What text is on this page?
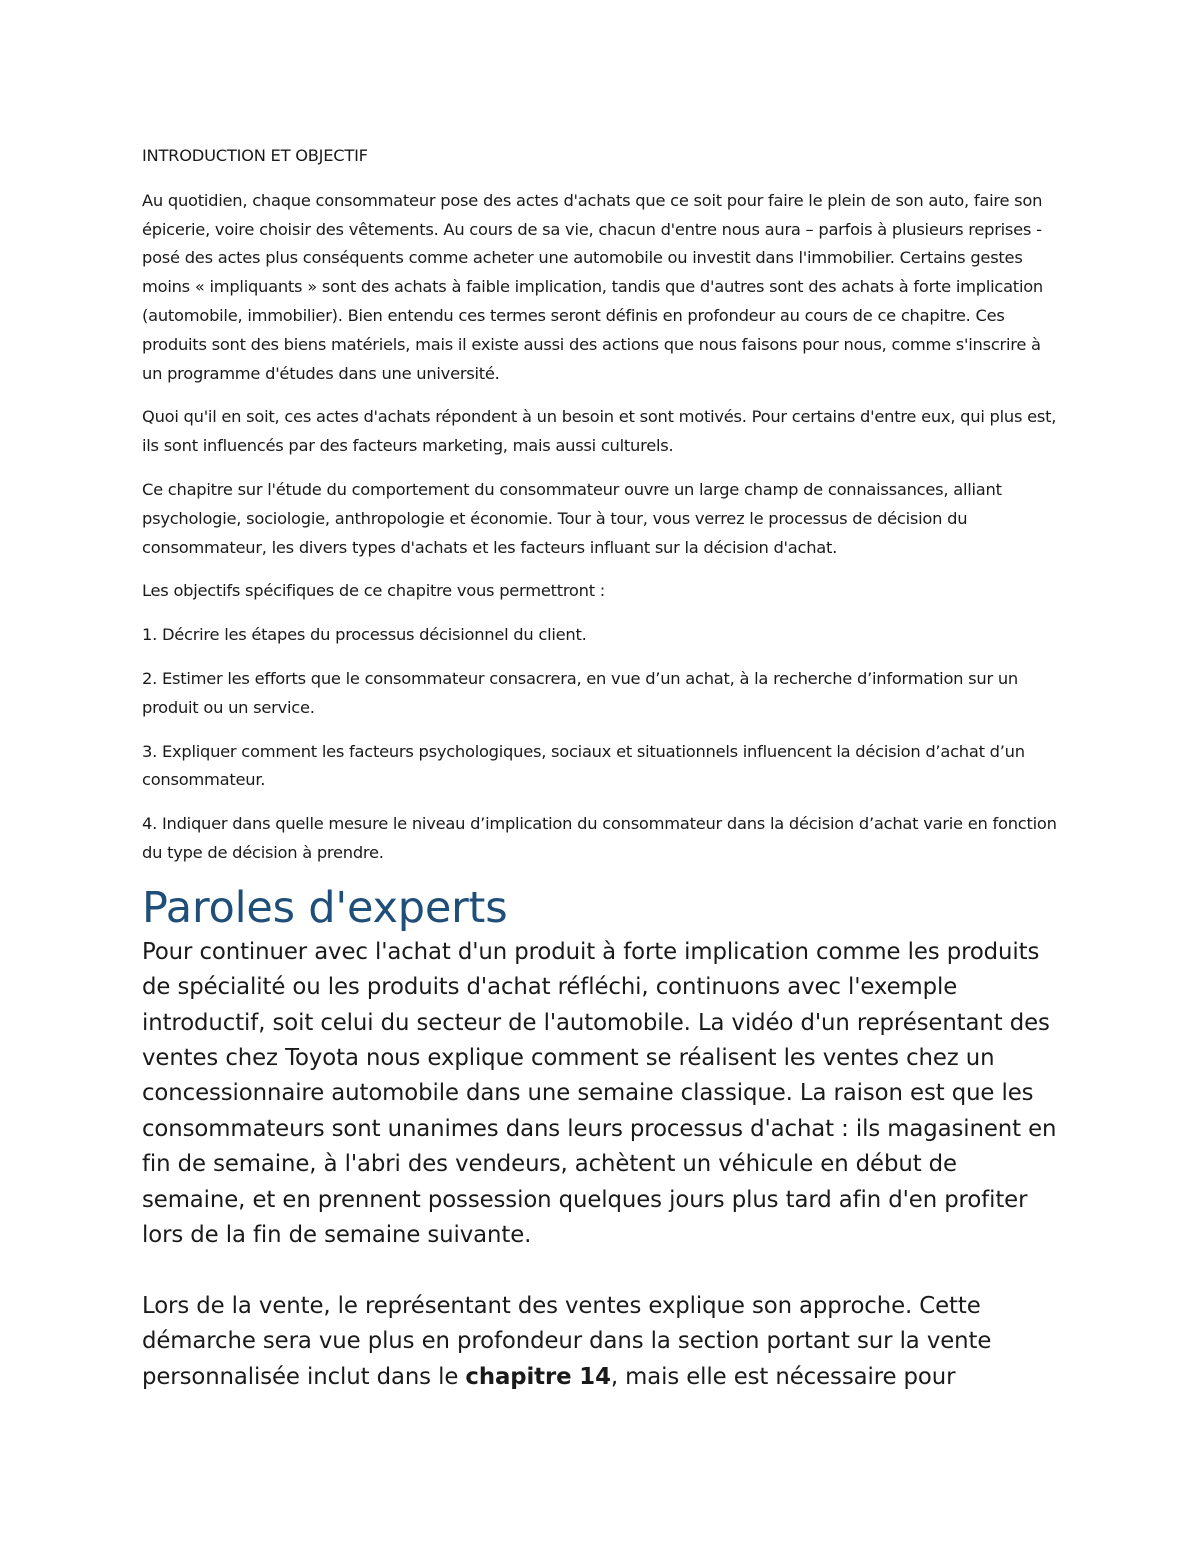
INTRODUCTION ET OBJECTIF

Au quotidien, chaque consommateur pose des actes d'achats que ce soit pour faire le plein de son auto, faire son épicerie, voire choisir des vêtements. Au cours de sa vie, chacun d'entre nous aura – parfois à plusieurs reprises - posé des actes plus conséquents comme acheter une automobile ou investit dans l'immobilier. Certains gestes moins « impliquants » sont des achats à faible implication, tandis que d'autres sont des achats à forte implication (automobile, immobilier). Bien entendu ces termes seront définis en profondeur au cours de ce chapitre. Ces produits sont des biens matériels, mais il existe aussi des actions que nous faisons pour nous, comme s'inscrire à un programme d'études dans une université.

Quoi qu'il en soit, ces actes d'achats répondent à un besoin et sont motivés. Pour certains d'entre eux, qui plus est, ils sont influencés par des facteurs marketing, mais aussi culturels.

Ce chapitre sur l'étude du comportement du consommateur ouvre un large champ de connaissances, alliant psychologie, sociologie, anthropologie et économie. Tour à tour, vous verrez le processus de décision du consommateur, les divers types d'achats et les facteurs influant sur la décision d'achat.

Les objectifs spécifiques de ce chapitre vous permettront :

1. Décrire les étapes du processus décisionnel du client.

2. Estimer les efforts que le consommateur consacrera, en vue d’un achat, à la recherche d’information sur un produit ou un service.

3. Expliquer comment les facteurs psychologiques, sociaux et situationnels influencent la décision d’achat d’un consommateur.

4. Indiquer dans quelle mesure le niveau d’implication du consommateur dans la décision d’achat varie en fonction du type de décision à prendre.

Paroles d'experts

Pour continuer avec l'achat d'un produit à forte implication comme les produits de spécialité ou les produits d'achat réfléchi, continuons avec l'exemple introductif, soit celui du secteur de l'automobile. La vidéo d'un représentant des ventes chez Toyota nous explique comment se réalisent les ventes chez un concessionnaire automobile dans une semaine classique. La raison est que les consommateurs sont unanimes dans leurs processus d'achat : ils magasinent en fin de semaine, à l'abri des vendeurs, achètent un véhicule en début de semaine, et en prennent possession quelques jours plus tard afin d'en profiter lors de la fin de semaine suivante.

Lors de la vente, le représentant des ventes explique son approche. Cette démarche sera vue plus en profondeur dans la section portant sur la vente personnalisée inclut dans le chapitre 14, mais elle est nécessaire pour
